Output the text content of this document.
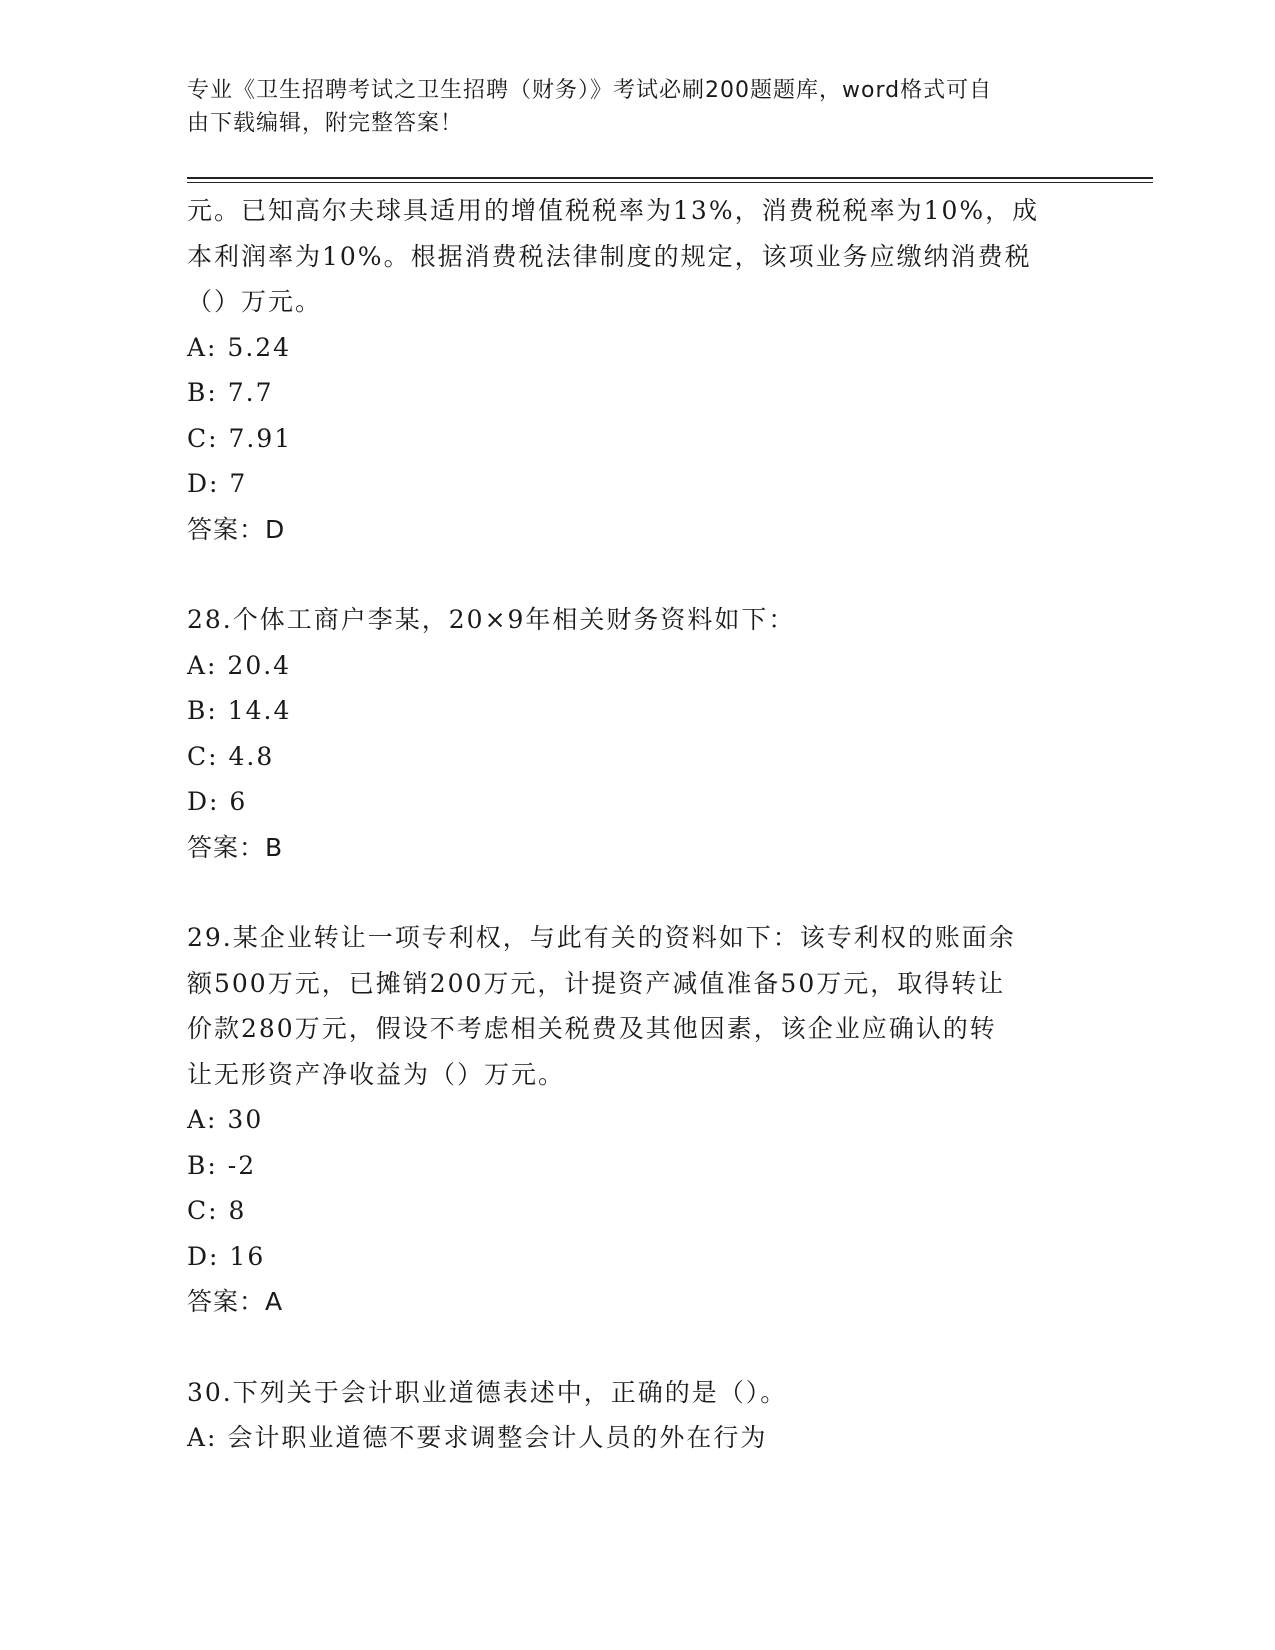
专业《卫生招聘考试之卫生招聘（财务）》考试必刷200题题库，word格式可自
由下载编辑，附完整答案！
元。已知高尔夫球具适用的增值税税率为13%，消费税税率为10%，成
本利润率为10%。根据消费税法律制度的规定，该项业务应缴纳消费税
（）万元。
A: 5.24
B: 7.7
C: 7.91
D: 7
答案：D
28.个体工商户李某，20×9年相关财务资料如下：
A: 20.4
B: 14.4
C: 4.8
D: 6
答案：B
29.某企业转让一项专利权，与此有关的资料如下：该专利权的账面余
额500万元，已摊销200万元，计提资产减值准备50万元，取得转让
价款280万元，假设不考虑相关税费及其他因素，该企业应确认的转
让无形资产净收益为（）万元。
A: 30
B: -2
C: 8
D: 16
答案：A
30.下列关于会计职业道德表述中，正确的是（）。
A: 会计职业道德不要求调整会计人员的外在行为
